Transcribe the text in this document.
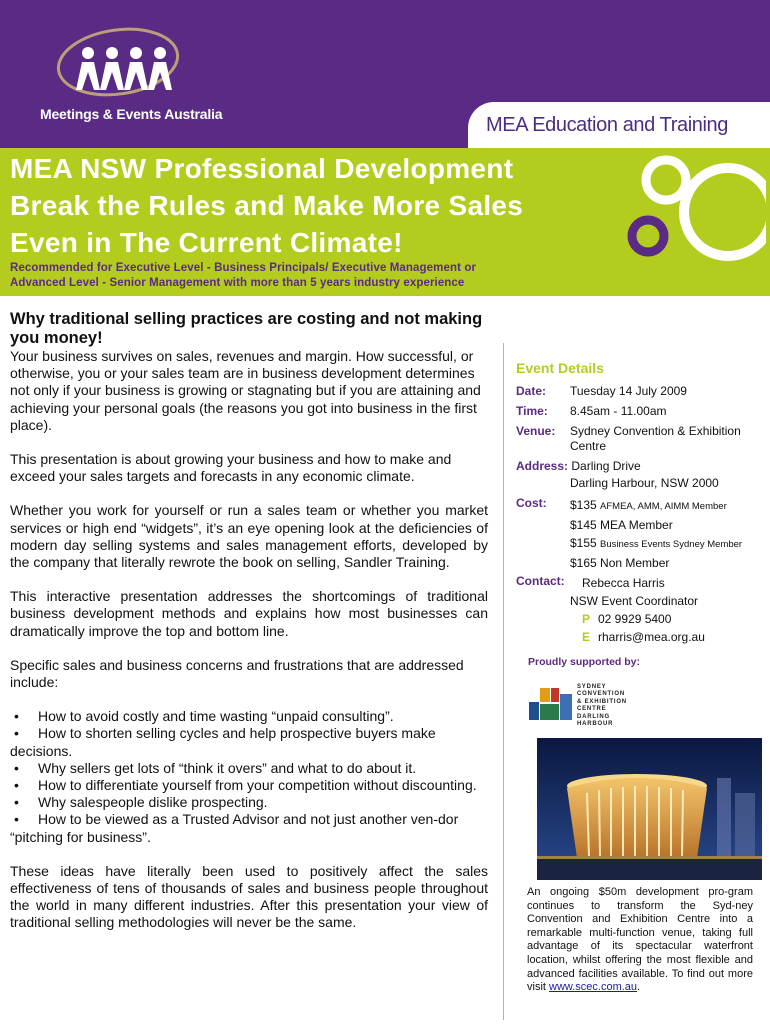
Meetings & Events Australia	MEA Education and Training
MEA NSW Professional Development
Break the Rules and Make More Sales
Even in The Current Climate!
Recommended for Executive Level - Business Principals/ Executive Management or
Advanced Level - Senior Management with more than 5 years industry experience
Why traditional selling practices are costing and not making you money!

Your business survives on sales, revenues and margin. How successful, or otherwise, you or your sales team are in business development determines not only if your business is growing or stagnating but if you are attaining and achieving your personal goals (the reasons you got into business in the first place).

This presentation is about growing your business and how to make and exceed your sales targets and forecasts in any economic climate.

Whether you work for yourself or run a sales team or whether you market services or high end “widgets”, it’s an eye opening look at the deficiencies of modern day selling systems and sales management efforts, developed by the company that literally rewrote the book on selling, Sandler Training.

This interactive presentation addresses the shortcomings of traditional business development methods and explains how most businesses can dramatically improve the top and bottom line.

Specific sales and business concerns and frustrations that are addressed include:

• How to avoid costly and time wasting “unpaid consulting”.
• How to shorten selling cycles and help prospective buyers make decisions.
• Why sellers get lots of “think it overs” and what to do about it.
• How to differentiate yourself from your competition without discounting.
• Why salespeople dislike prospecting.
• How to be viewed as a Trusted Advisor and not just another ven-dor “pitching for business”.

These ideas have literally been used to positively affect the sales effectiveness of tens of thousands of sales and business people throughout the world in many different industries. After this presentation your view of traditional selling methodologies will never be the same.

Event Details
Date: Tuesday 14 July 2009
Time: 8.45am - 11.00am
Venue: Sydney Convention & Exhibition Centre
Address: Darling Drive
Darling Harbour, NSW 2000
Cost: $135 AFMEA, AMM, AIMM Member
$145 MEA Member
$155 Business Events Sydney Member
$165 Non Member
Contact: Rebecca Harris
NSW Event Coordinator
P 02 9929 5400
E rharris@mea.org.au
Proudly supported by:
SYDNEY
CONVENTION
& EXHIBITION
CENTRE
DARLING
HARBOUR
An ongoing $50m development pro-gram continues to transform the Syd-ney Convention and Exhibition Centre into a remarkable multi-function venue, taking full advantage of its spectacular waterfront location, whilst offering the most flexible and advanced facilities available. To find out more visit www.scec.com.au.
